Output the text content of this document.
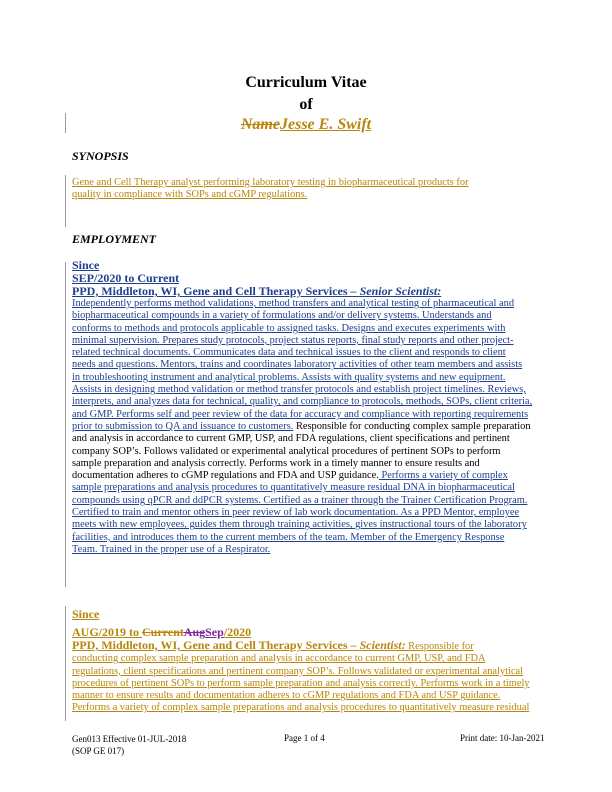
Curriculum Vitae
of
NameJesse E. Swift
SYNOPSIS
Gene and Cell Therapy analyst performing laboratory testing in biopharmaceutical products for
quality in compliance with SOPs and cGMP regulations.
EMPLOYMENT
Since
SEP/2020 to Current
PPD, Middleton, WI, Gene and Cell Therapy Services – Senior Scientist:
Independently performs method validations, method transfers and analytical testing of pharmaceutical and
biopharmaceutical compounds in a variety of formulations and/or delivery systems. Understands and
conforms to methods and protocols applicable to assigned tasks. Designs and executes experiments with
minimal supervision. Prepares study protocols, project status reports, final study reports and other project-
related technical documents. Communicates data and technical issues to the client and responds to client
needs and questions. Mentors, trains and coordinates laboratory activities of other team members and assists
in troubleshooting instrument and analytical problems. Assists with quality systems and new equipment.
Assists in designing method validation or method transfer protocols and establish project timelines. Reviews,
interprets, and analyzes data for technical, quality, and compliance to protocols, methods, SOPs, client criteria,
and GMP. Performs self and peer review of the data for accuracy and compliance with reporting requirements
prior to submission to QA and issuance to customers. Responsible for conducting complex sample preparation
and analysis in accordance to current GMP, USP, and FDA regulations, client specifications and pertinent
company SOP’s. Follows validated or experimental analytical procedures of pertinent SOPs to perform
sample preparation and analysis correctly. Performs work in a timely manner to ensure results and
documentation adheres to cGMP regulations and FDA and USP guidance. Performs a variety of complex
sample preparations and analysis procedures to quantitatively measure residual DNA in biopharmaceutical
compounds using qPCR and ddPCR systems. Certified as a trainer through the Trainer Certification Program.
Certified to train and mentor others in peer review of lab work documentation. As a PPD Mentor, employee
meets with new employees, guides them through training activities, gives instructional tours of the laboratory
facilities, and introduces them to the current members of the team. Member of the Emergency Response
Team. Trained in the proper use of a Respirator.
Since
AUG/2019 to CurrentAugSep/2020
PPD, Middleton, WI, Gene and Cell Therapy Services – Scientist: Responsible for
conducting complex sample preparation and analysis in accordance to current GMP, USP, and FDA
regulations, client specifications and pertinent company SOP’s. Follows validated or experimental analytical
procedures of pertinent SOPs to perform sample preparation and analysis correctly. Performs work in a timely
manner to ensure results and documentation adheres to cGMP regulations and FDA and USP guidance.
Performs a variety of complex sample preparations and analysis procedures to quantitatively measure residual
Gen013 Effective 01-JUL-2018
(SOP GE 017)
Page 1 of 4	Print date: 10-Jan-2021
